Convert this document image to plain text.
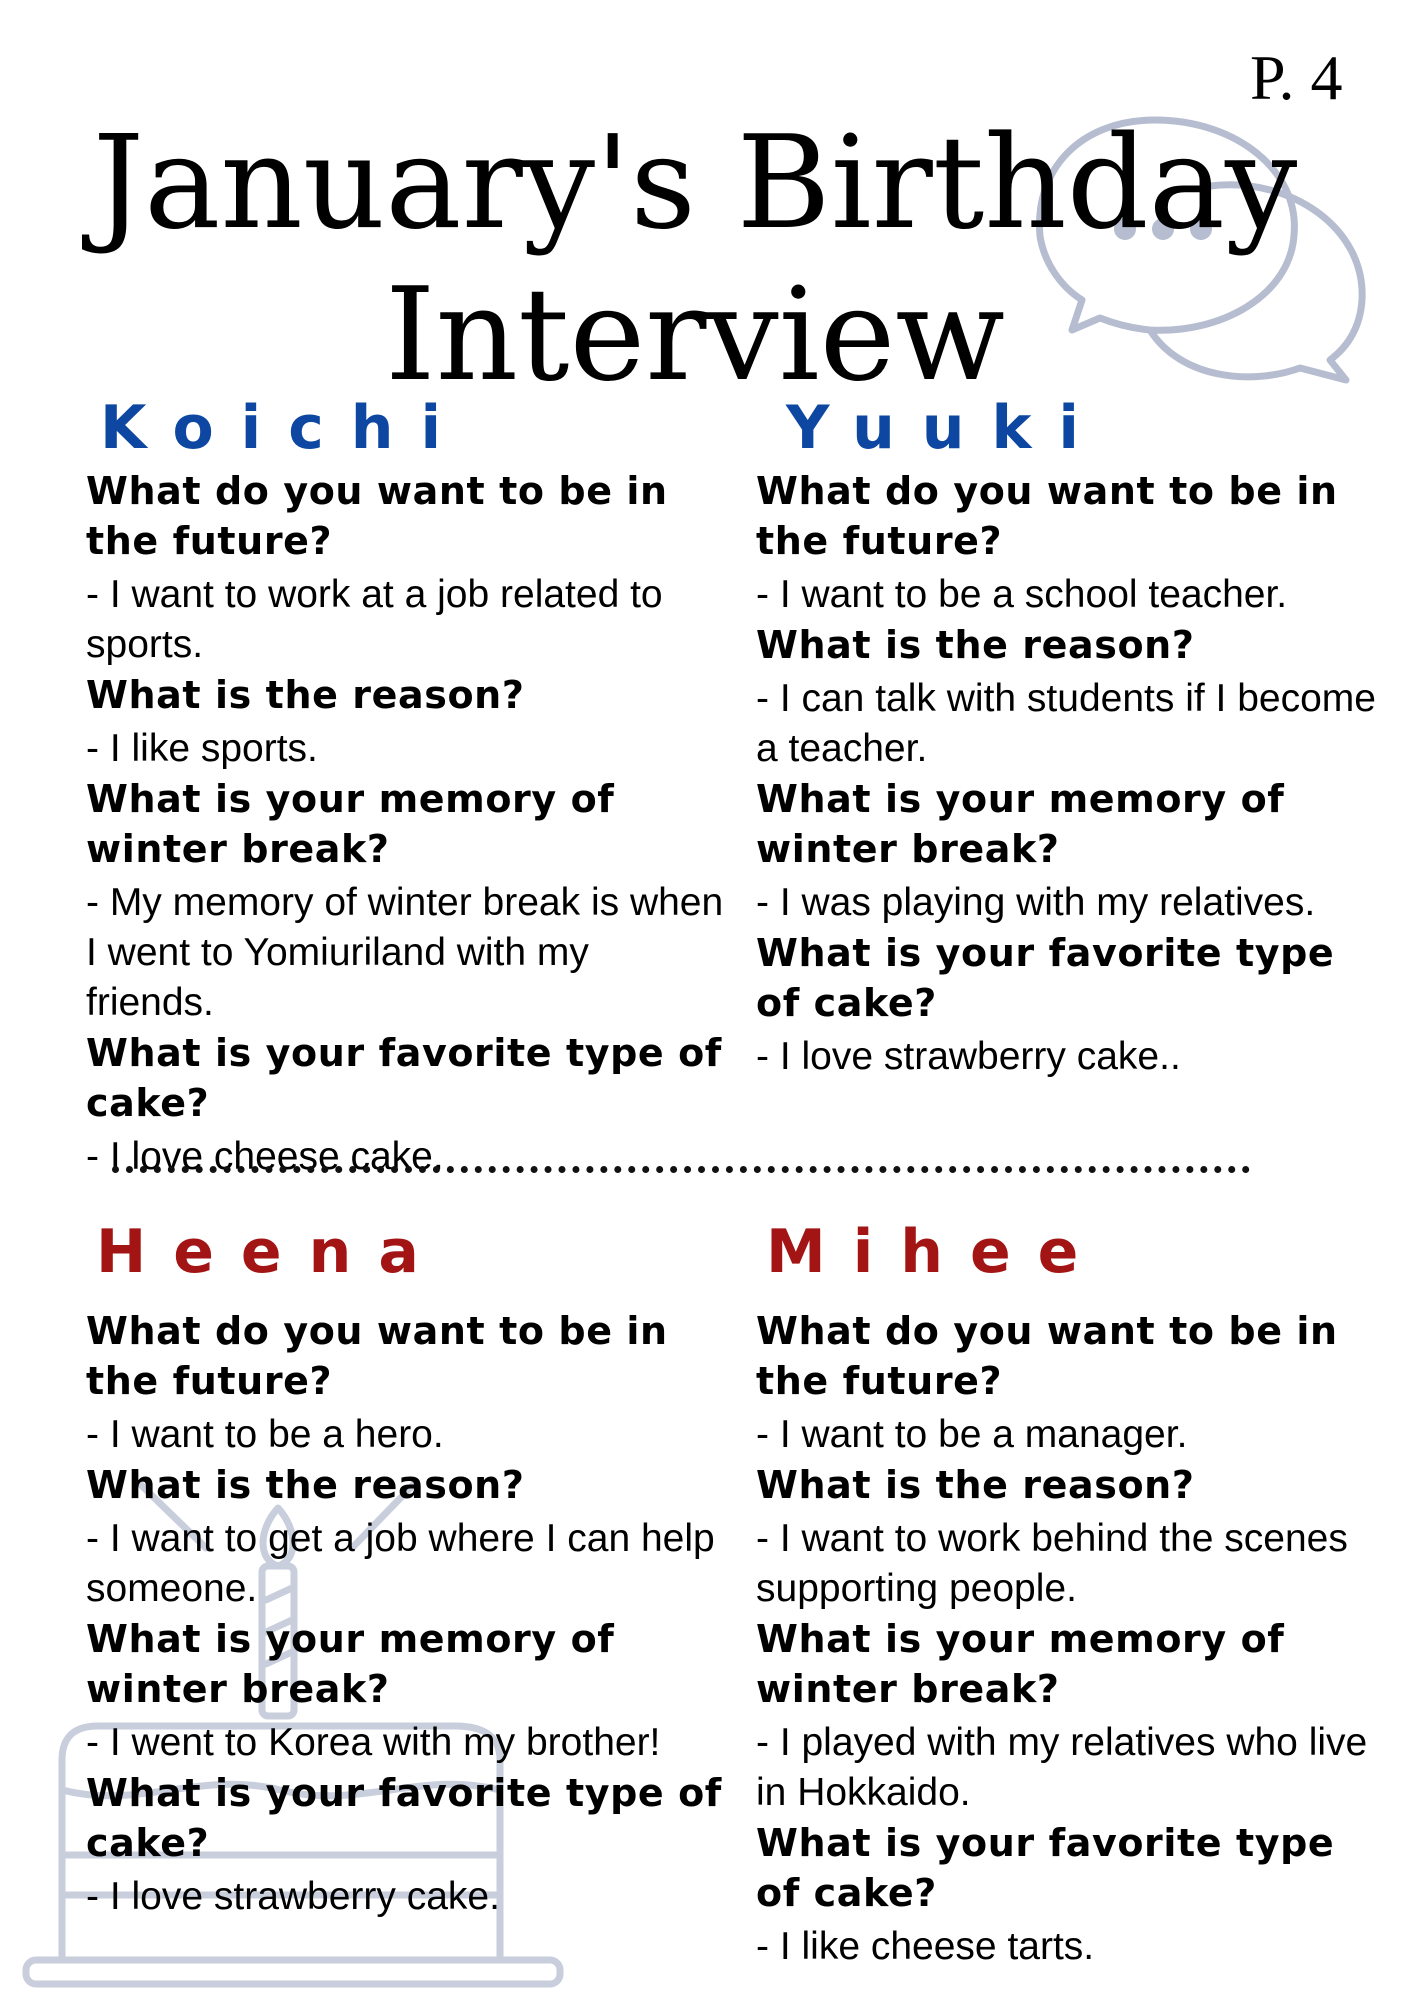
P. 4
January's Birthday
Interview
Koichi
What do you want to be in the future?
- I want to work at a job related to sports.
What is the reason?
- I like sports.
What is your memory of winter break?
- My memory of winter break is when I went to Yomiuriland with my friends.
What is your favorite type of cake?
- I love cheese cake.
Yuuki
What do you want to be in the future?
- I want to be a school teacher.
What is the reason?
- I can talk with students if I become a teacher.
What is your memory of winter break?
- I was playing with my relatives.
What is your favorite type of cake?
- I love strawberry cake..
Heena
What do you want to be in the future?
- I want to be a hero.
What is the reason?
- I want to get a job where I can help someone.
What is your memory of winter break?
- I went to Korea with my brother!
What is your favorite type of cake?
- I love strawberry cake.
Mihee
What do you want to be in the future?
- I want to be a manager.
What is the reason?
- I want to work behind the scenes supporting people.
What is your memory of winter break?
- I played with my relatives who live in Hokkaido.
What is your favorite type of cake?
- I like cheese tarts.
